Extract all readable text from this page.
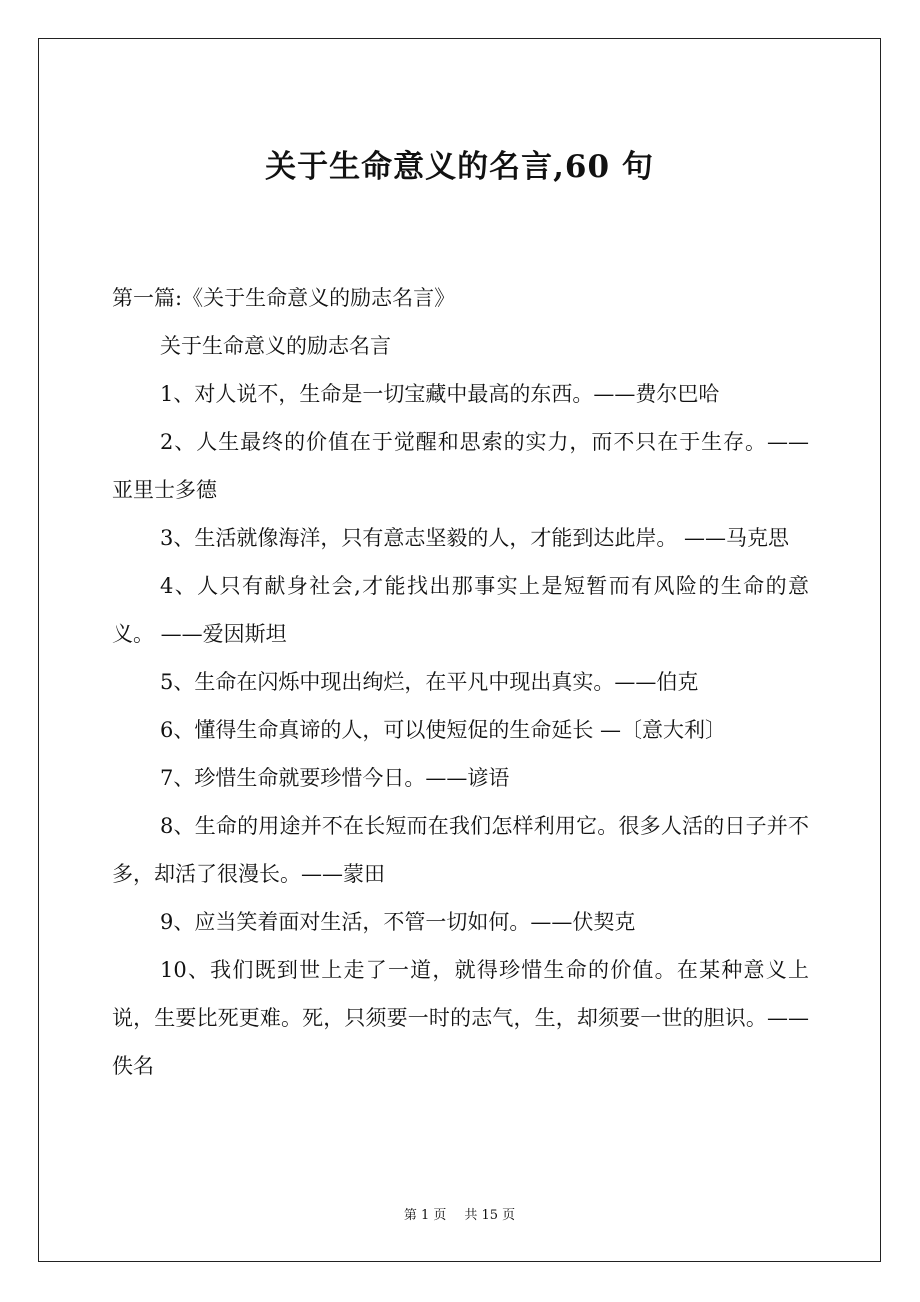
关于生命意义的名言,60 句

第一篇:《关于生命意义的励志名言》

关于生命意义的励志名言

1、对人说不，生命是一切宝藏中最高的东西。——费尔巴哈

2、人生最终的价值在于觉醒和思索的实力，而不只在于生存。—— 亚里士多德

3、生活就像海洋，只有意志坚毅的人，才能到达此岸。 ——马克思

4、人只有献身社会,才能找出那事实上是短暂而有风险的生命的意义。 ——爱因斯坦

5、生命在闪烁中现出绚烂，在平凡中现出真实。——伯克

6、懂得生命真谛的人，可以使短促的生命延长 —〔意大利〕

7、珍惜生命就要珍惜今日。——谚语

8、生命的用途并不在长短而在我们怎样利用它。很多人活的日子并不多，却活了很漫长。——蒙田

9、应当笑着面对生活，不管一切如何。——伏契克

10、我们既到世上走了一道，就得珍惜生命的价值。在某种意义上说，生要比死更难。死，只须要一时的志气，生，却须要一世的胆识。——佚名

第 1 页 共 15 页
